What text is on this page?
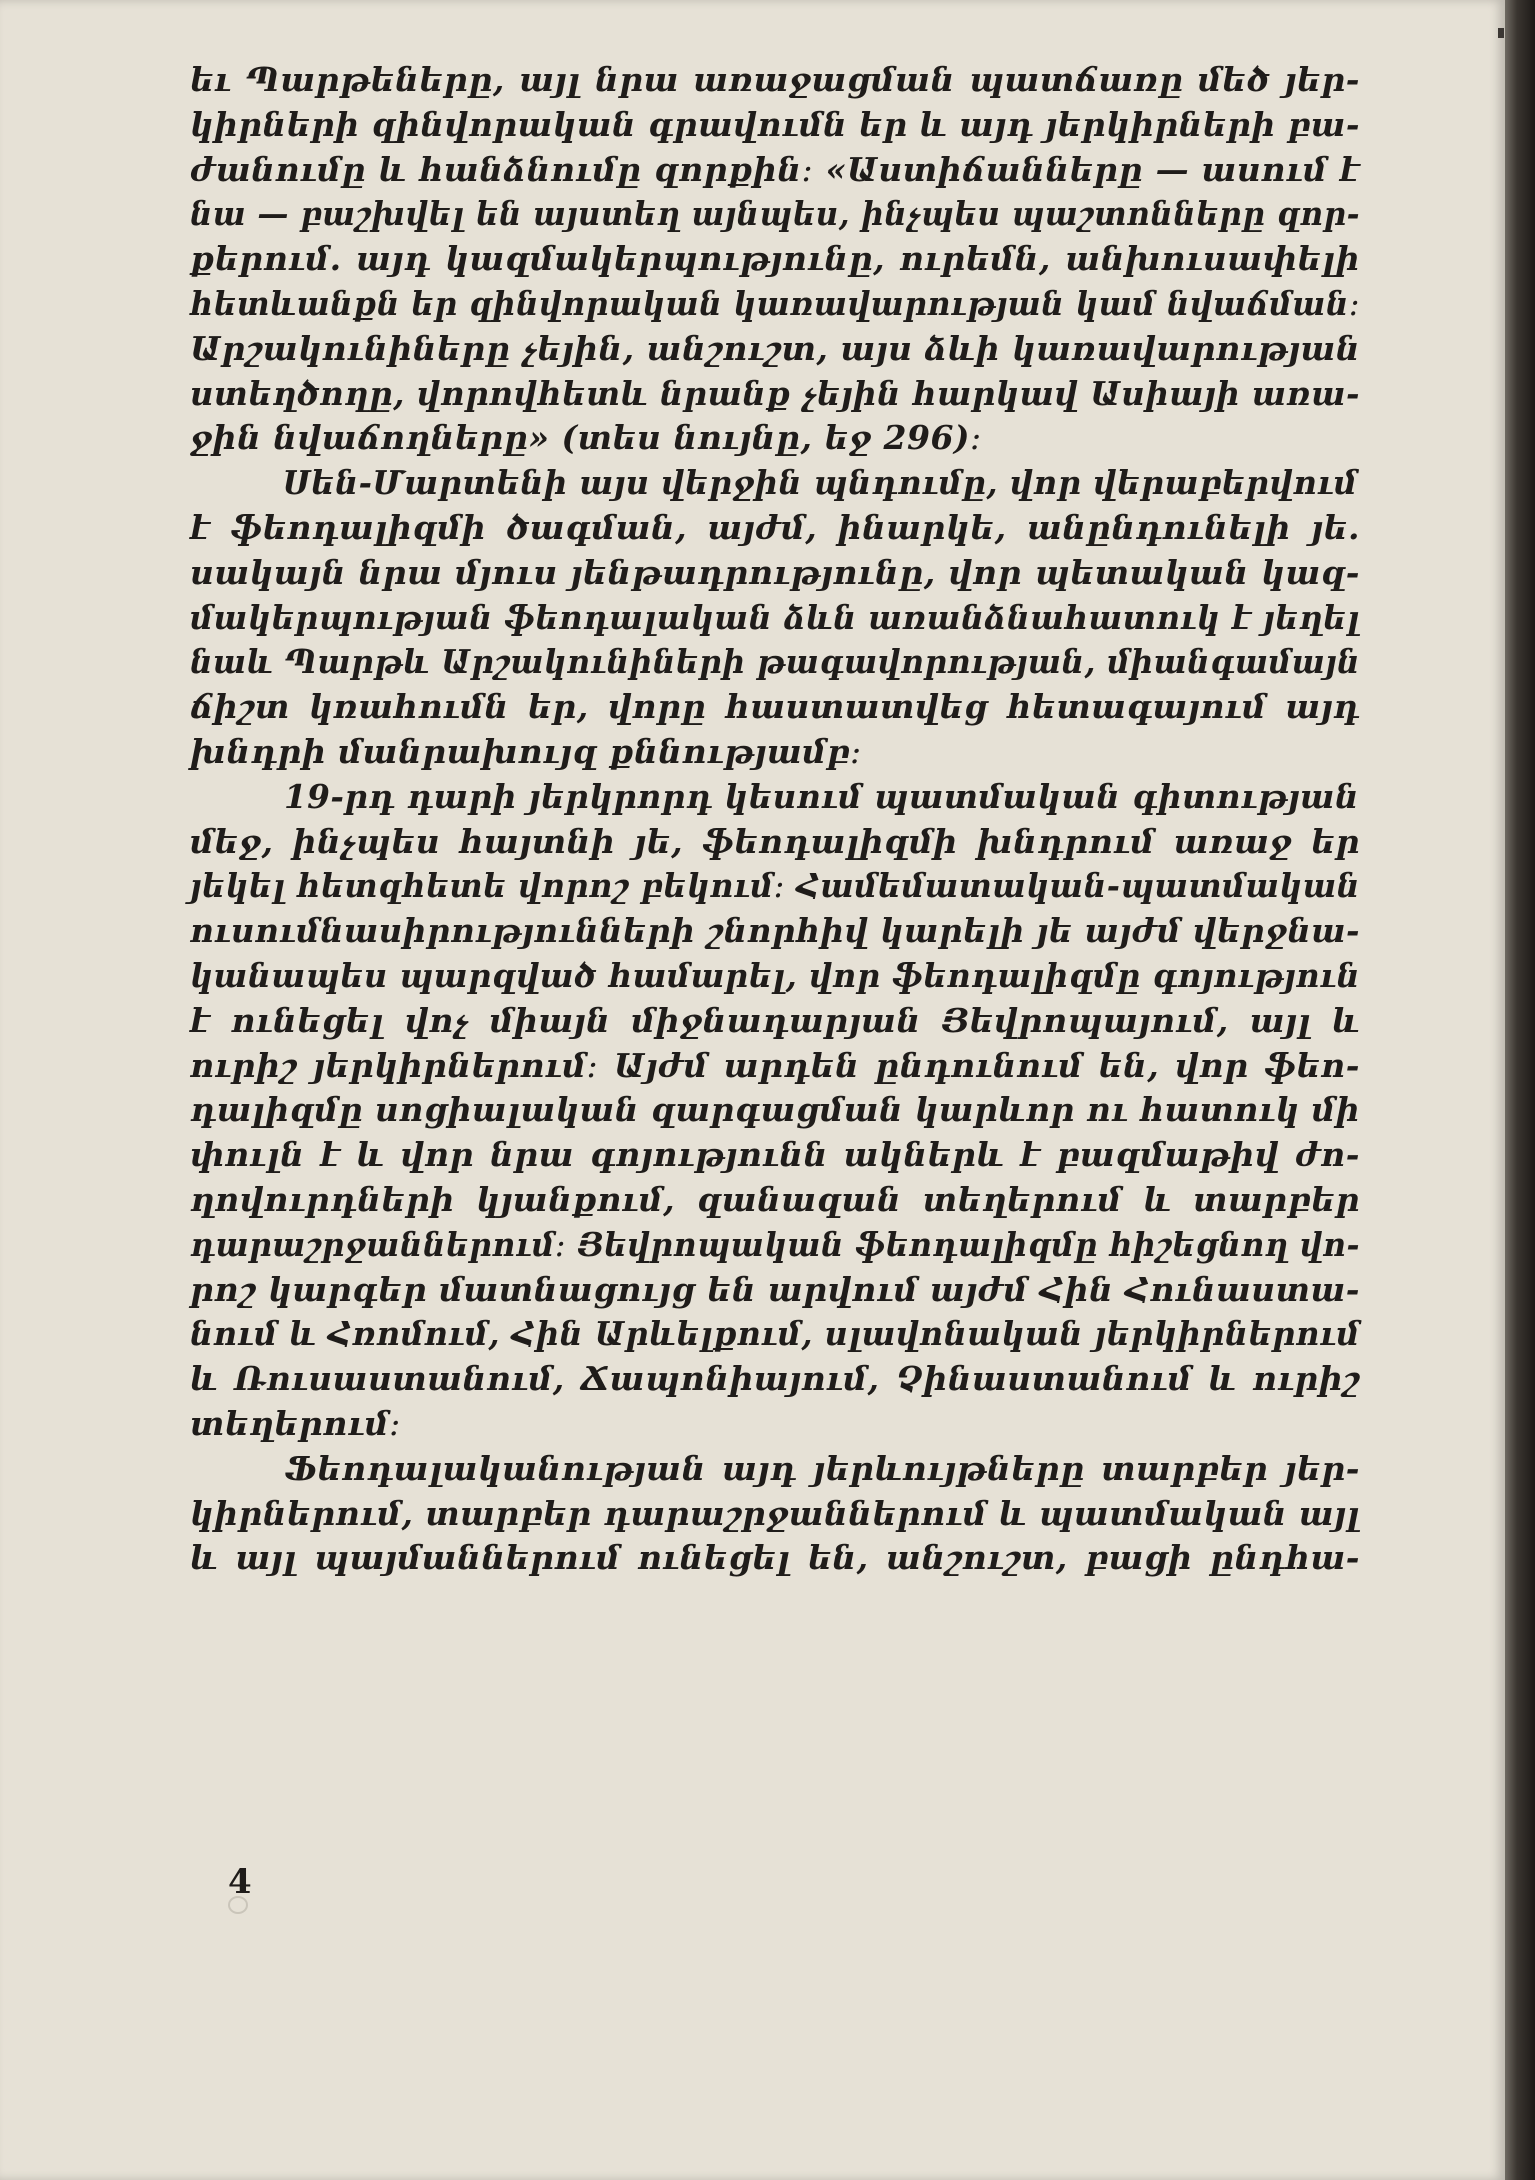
եւ Պարթեները, այլ նրա առաջացման պատճառը մեծ յեր-
կիրների զինվորական գրավումն եր և այդ յերկիրների բա-
ժանումը և հանձնումը զորքին։ «Աստիճանները — ասում է
նա — բաշխվել են այստեղ այնպես, ինչպես պաշտոնները զոր-
քերում. այդ կազմակերպությունը, ուրեմն, անխուսափելի
հետևանքն եր զինվորական կառավարության կամ նվաճման։
Արշակունիները չեյին, անշուշտ, այս ձևի կառավարության
ստեղծողը, վորովհետև նրանք չեյին հարկավ Ասիայի առա-
ջին նվաճողները» (տես նույնը, եջ 296)։
Սեն-Մարտենի այս վերջին պնդումը, վոր վերաբերվում
է ֆեոդալիզմի ծագման, այժմ, ինարկե, անընդունելի յե.
սակայն նրա մյուս յենթադրությունը, վոր պետական կազ-
մակերպության ֆեոդալական ձևն առանձնահատուկ է յեղել
նաև Պարթև Արշակունիների թագավորության, միանգամայն
ճիշտ կռահումն եր, վորը հաստատվեց հետագայում այդ
խնդրի մանրախույզ քննությամբ։
19-րդ դարի յերկրորդ կեսում պատմական գիտության
մեջ, ինչպես հայտնի յե, ֆեոդալիզմի խնդրում առաջ եր
յեկել հետզհետե վորոշ բեկում։ Համեմատական-պատմական
ուսումնասիրությունների շնորհիվ կարելի յե այժմ վերջնա-
կանապես պարզված համարել, վոր ֆեոդալիզմը գոյություն
է ունեցել վոչ միայն միջնադարյան Յեվրոպայում, այլ և
ուրիշ յերկիրներում։ Այժմ արդեն ընդունում են, վոր ֆեո-
դալիզմը սոցիալական զարգացման կարևոր ու հատուկ մի
փուլն է և վոր նրա գոյությունն ակներև է բազմաթիվ ժո-
ղովուրդների կյանքում, զանազան տեղերում և տարբեր
դարաշրջաններում։ Յեվրոպական ֆեոդալիզմը հիշեցնող վո-
րոշ կարգեր մատնացույց են արվում այժմ Հին Հունաստա-
նում և Հռոմում, Հին Արևելքում, սլավոնական յերկիրներում
և Ռուսաստանում, Ճապոնիայում, Չինաստանում և ուրիշ
տեղերում։
Ֆեոդալականության այդ յերևույթները տարբեր յեր-
կիրներում, տարբեր դարաշրջաններում և պատմական այլ
և այլ պայմաններում ունեցել են, անշուշտ, բացի ընդհա-
4
